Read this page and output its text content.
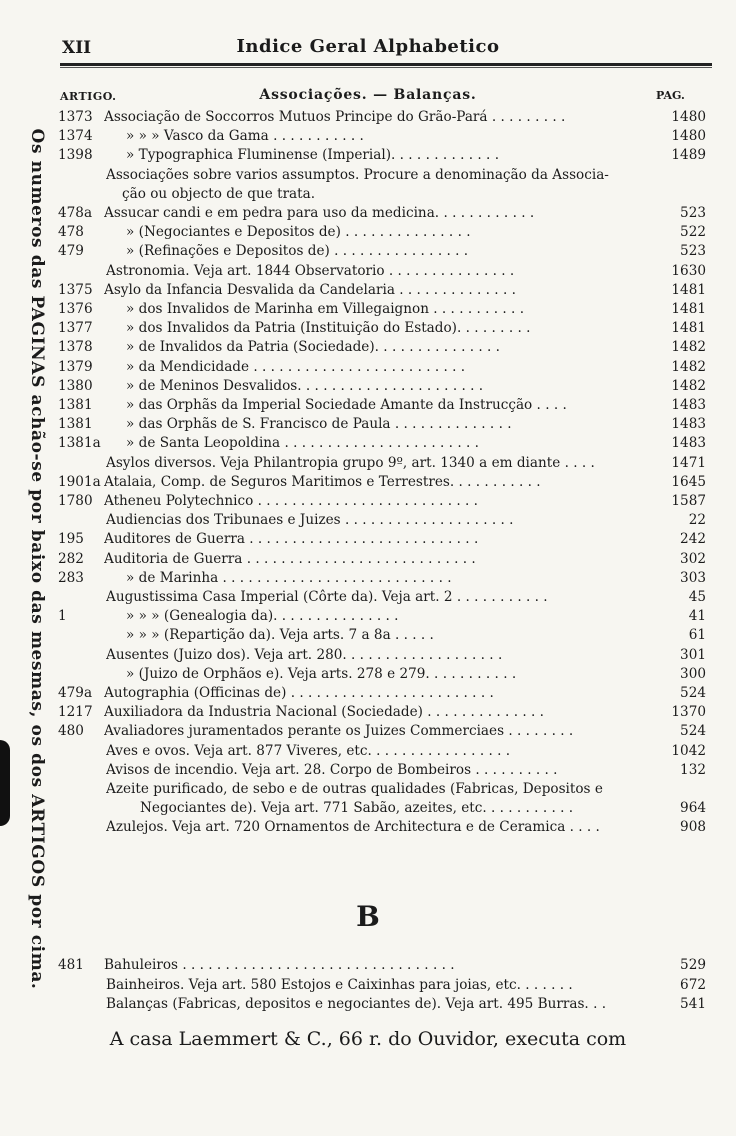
XII	Indice Geral Alphabetico
ARTIGO.	Associações. — Balanças.	PAG.
Os numeros das PAGINAS achão-se por baixo das mesmas, os dos ARTIGOS por cima.
1373 Associação de Soccorros Mutuos Principe do Grão-Pará . . . . . . . . .	1480
1374	» » » Vasco da Gama . . . . . . . . . . .	1480
1398	» Typographica Fluminense (Imperial). . . . . . . . . . . . .	1489
Associações sobre varios assumptos. Procure a denominação da Associa-
ção ou objecto de que trata.
478a Assucar candi e em pedra para uso da medicina. . . . . . . . . . . .	523
478	» (Negociantes e Depositos de) . . . . . . . . . . . . . . .	522
479	» (Refinações e Depositos de) . . . . . . . . . . . . . . . .	523
Astronomia. Veja art. 1844 Observatorio . . . . . . . . . . . . . . .	1630
1375 Asylo da Infancia Desvalida da Candelaria . . . . . . . . . . . . . .	1481
1376	» dos Invalidos de Marinha em Villegaignon . . . . . . . . . . .	1481
1377	» dos Invalidos da Patria (Instituição do Estado). . . . . . . . .	1481
1378	» de Invalidos da Patria (Sociedade). . . . . . . . . . . . . . .	1482
1379	» da Mendicidade . . . . . . . . . . . . . . . . . . . . . . . . .	1482
1380	» de Meninos Desvalidos. . . . . . . . . . . . . . . . . . . . . .	1482
1381	» das Orphãs da Imperial Sociedade Amante da Instrucção . . . .	1483
1381	» das Orphãs de S. Francisco de Paula . . . . . . . . . . . . . .	1483
1381a	» de Santa Leopoldina . . . . . . . . . . . . . . . . . . . . . . .	1483
Asylos diversos. Veja Philantropia grupo 9º, art. 1340 a em diante . . . .	1471
1901a Atalaia, Comp. de Seguros Maritimos e Terrestres. . . . . . . . . . .	1645
1780 Atheneu Polytechnico . . . . . . . . . . . . . . . . . . . . . . . . . .	1587
Audiencias dos Tribunaes e Juizes . . . . . . . . . . . . . . . . . . . .	22
195	Auditores de Guerra . . . . . . . . . . . . . . . . . . . . . . . . . . .	242
282	Auditoria de Guerra . . . . . . . . . . . . . . . . . . . . . . . . . . .	302
283	» de Marinha . . . . . . . . . . . . . . . . . . . . . . . . . . .	303
Augustissima Casa Imperial (Côrte da). Veja art. 2 . . . . . . . . . . .	45
1	» » » (Genealogia da). . . . . . . . . . . . . . .	41
» » » (Repartição da). Veja arts. 7 a 8a . . . . .	61
Ausentes (Juizo dos). Veja art. 280. . . . . . . . . . . . . . . . . . .	301
» (Juizo de Orphãos e). Veja arts. 278 e 279. . . . . . . . . . .	300
479a Autographia (Officinas de) . . . . . . . . . . . . . . . . . . . . . . . .	524
1217 Auxiliadora da Industria Nacional (Sociedade) . . . . . . . . . . . . . .	1370
480	Avaliadores juramentados perante os Juizes Commerciaes . . . . . . . .	524
Aves e ovos. Veja art. 877 Viveres, etc. . . . . . . . . . . . . . . . .	1042
Avisos de incendio. Veja art. 28. Corpo de Bombeiros . . . . . . . . . .	132
Azeite purificado, de sebo e de outras qualidades (Fabricas, Depositos e
Negociantes de). Veja art. 771 Sabão, azeites, etc. . . . . . . . . . .	964
Azulejos. Veja art. 720 Ornamentos de Architectura e de Ceramica . . . .	908
B
481	Bahuleiros . . . . . . . . . . . . . . . . . . . . . . . . . . . . . . . .	529
Bainheiros. Veja art. 580 Estojos e Caixinhas para joias, etc. . . . . . .	672
Balanças (Fabricas, depositos e negociantes de). Veja art. 495 Burras. . .	541
A casa Laemmert & C., 66 r. do Ouvidor, executa com
